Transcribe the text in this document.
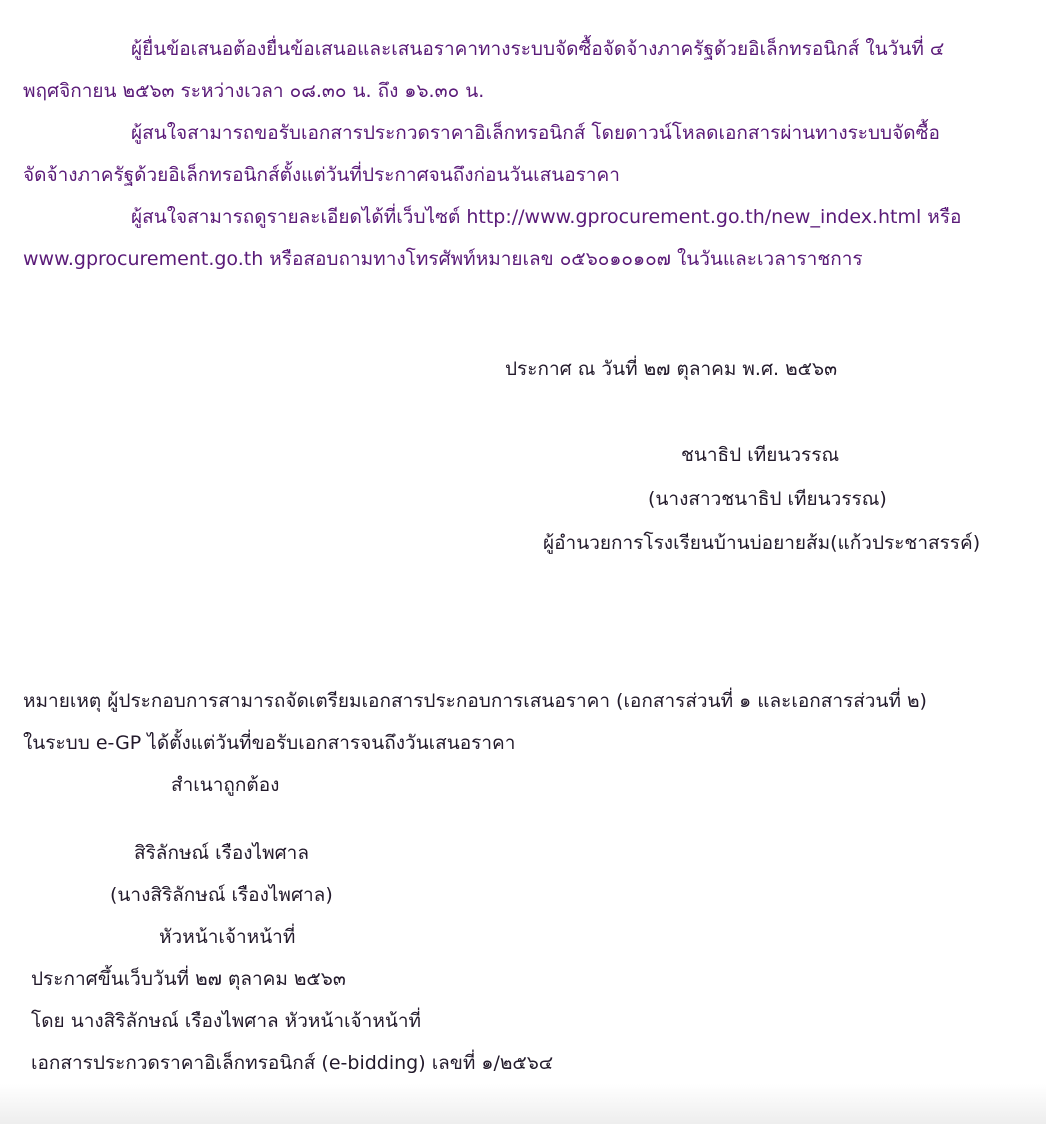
ผู้ยื่นข้อเสนอต้องยื่นข้อเสนอและเสนอราคาทางระบบจัดซื้อจัดจ้างภาครัฐด้วยอิเล็กทรอนิกส์ ในวันที่ ๔
พฤศจิกายน ๒๕๖๓ ระหว่างเวลา ๐๘.๓๐ น. ถึง ๑๖.๓๐ น.
ผู้สนใจสามารถขอรับเอกสารประกวดราคาอิเล็กทรอนิกส์ โดยดาวน์โหลดเอกสารผ่านทางระบบจัดซื้อ
จัดจ้างภาครัฐด้วยอิเล็กทรอนิกส์ตั้งแต่วันที่ประกาศจนถึงก่อนวันเสนอราคา
ผู้สนใจสามารถดูรายละเอียดได้ที่เว็บไซต์ http://www.gprocurement.go.th/new_index.html หรือ
www.gprocurement.go.th หรือสอบถามทางโทรศัพท์หมายเลข ๐๕๖๐๑๐๑๐๗ ในวันและเวลาราชการ
ประกาศ ณ วันที่ ๒๗ ตุลาคม พ.ศ. ๒๕๖๓
ชนาธิป เทียนวรรณ
(นางสาวชนาธิป เทียนวรรณ)
ผู้อำนวยการโรงเรียนบ้านบ่อยายส้ม(แก้วประชาสรรค์)
หมายเหตุ ผู้ประกอบการสามารถจัดเตรียมเอกสารประกอบการเสนอราคา (เอกสารส่วนที่ ๑ และเอกสารส่วนที่ ๒)
ในระบบ e-GP ได้ตั้งแต่วันที่ขอรับเอกสารจนถึงวันเสนอราคา
สำเนาถูกต้อง
สิริลักษณ์ เรืองไพศาล
(นางสิริลักษณ์ เรืองไพศาล)
หัวหน้าเจ้าหน้าที่
ประกาศขึ้นเว็บวันที่ ๒๗ ตุลาคม ๒๕๖๓
โดย นางสิริลักษณ์ เรืองไพศาล หัวหน้าเจ้าหน้าที่
เอกสารประกวดราคาอิเล็กทรอนิกส์ (e-bidding) เลขที่ ๑/๒๕๖๔
